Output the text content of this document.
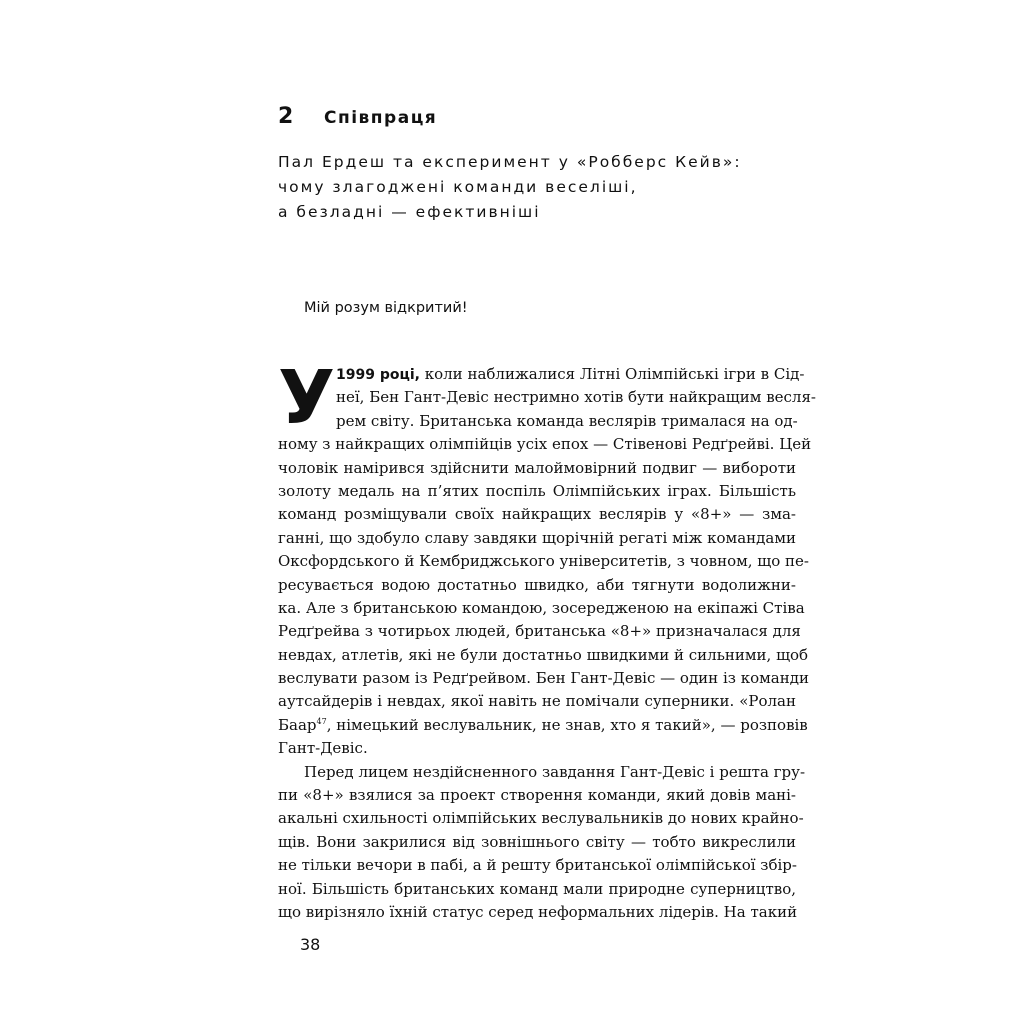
2	Співпраця
Пал Ердеш та експеримент у «Робберс Кейв»:
чому злагоджені команди веселіші,
а безладні — ефективніші
Мій розум відкритий!
У 1999 році, коли наближалися Літні Олімпійські ігри в Сід-
неї, Бен Гант-Девіс нестримно хотів бути найкращим весля-
рем світу. Британська команда веслярів трималася на од-
ному з найкращих олімпійців усіх епох — Стівенові Редґрейві. Цей
чоловік намірився здійснити малоймовірний подвиг — вибороти
золоту медаль на п’ятих поспіль Олімпійських іграх. Більшість
команд розміщували своїх найкращих веслярів у «8+» — зма-
ганні, що здобуло славу завдяки щорічній регаті між командами
Оксфордського й Кембриджського університетів, з човном, що пе-
ресувається водою достатньо швидко, аби тягнути водолижни-
ка. Але з британською командою, зосередженою на екіпажі Стіва
Редґрейва з чотирьох людей, британська «8+» призначалася для
невдах, атлетів, які не були достатньо швидкими й сильними, щоб
веслувати разом із Редґрейвом. Бен Гант-Девіс — один із команди
аутсайдерів і невдах, якої навіть не помічали суперники. «Ролан
Баар$^{47}$, німецький веслувальник, не знав, хто я такий», — розповів
Гант-Девіс.
Перед лицем нездійсненного завдання Гант-Девіс і решта гру-
пи «8+» взялися за проект створення команди, який довів мані-
акальні схильності олімпійських веслувальників до нових крайно-
щів. Вони закрилися від зовнішнього світу — тобто викреслили
не тільки вечори в пабі, а й решту британської олімпійської збір-
ної. Більшість британських команд мали природне суперництво,
що вирізняло їхній статус серед неформальних лідерів. На такий
38
